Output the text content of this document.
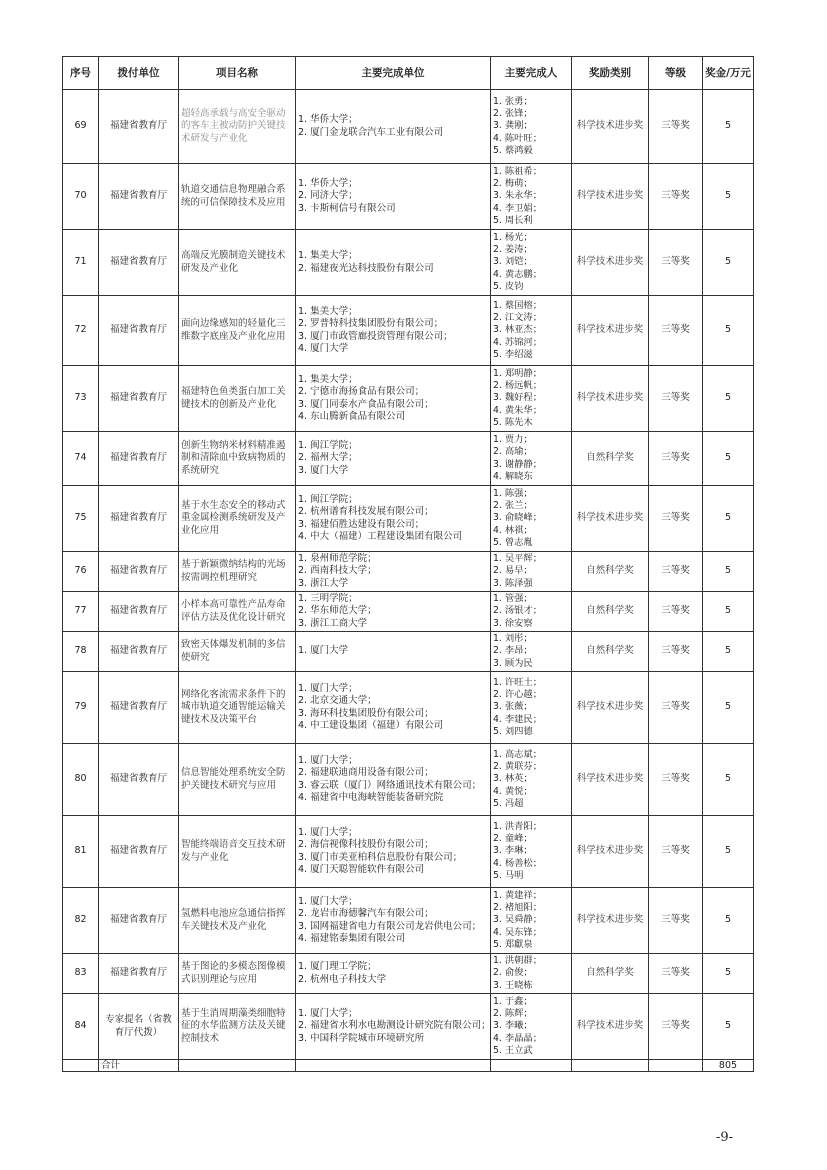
序号	拨付单位	项目名称	主要完成单位	主要完成人	奖励类别	等级	奖金/万元
69	福建省教育厅	超轻高承载与高安全驱动的客车主被动防护关键技术研发与产业化	1. 华侨大学；
2. 厦门金龙联合汽车工业有限公司	1. 张勇；
2. 张锋；
3. 龚刚；
4. 陈叶旺；
5. 蔡鸿毅	科学技术进步奖	三等奖	5
70	福建省教育厅	轨道交通信息物理融合系统的可信保障技术及应用	1. 华侨大学；
2. 同济大学；
3. 卡斯柯信号有限公司	1. 陈祖希；
2. 梅萌；
3. 朱永华；
4. 李卫娟；
5. 周长利	科学技术进步奖	三等奖	5
71	福建省教育厅	高端反光膜制造关键技术研发及产业化	1. 集美大学；
2. 福建夜光达科技股份有限公司	1. 杨光；
2. 姜涛；
3. 刘铠；
4. 黄志鹏；
5. 皮钧	科学技术进步奖	三等奖	5
72	福建省教育厅	面向边缘感知的轻量化三维数字底座及产业化应用	1. 集美大学；
2. 罗普特科技集团股份有限公司；
3. 厦门市政管廊投资管理有限公司；
4. 厦门大学	1. 蔡国榕；
2. 江文涛；
3. 林亚杰；
4. 苏锦河；
5. 李绍滋	科学技术进步奖	三等奖	5
73	福建省教育厅	福建特色鱼类蛋白加工关键技术的创新及产业化	1. 集美大学；
2. 宁德市海扬食品有限公司；
3. 厦门同泰水产食品有限公司；
4. 东山腾新食品有限公司	1. 郑明静；
2. 杨远帆；
3. 魏好程；
4. 黄朱华；
5. 陈先木	科学技术进步奖	三等奖	5
74	福建省教育厅	创新生物纳米材料精准遏制和清除血中致病物质的系统研究	1. 闽江学院；
2. 福州大学；
3. 厦门大学	1. 贾力；
2. 高瑜；
3. 谢静静；
4. 解晓东	自然科学奖	三等奖	5
75	福建省教育厅	基于水生态安全的移动式重金属检测系统研发及产业化应用	1. 闽江学院；
2. 杭州谱育科技发展有限公司；
3. 福建佰胜达建设有限公司；
4. 中大（福建）工程建设集团有限公司	1. 陈强；
2. 张兰；
3. 俞晓峰；
4. 林祺；
5. 曾志胤	科学技术进步奖	三等奖	5
76	福建省教育厅	基于新颖微纳结构的光场按需调控机理研究	1. 泉州师范学院；
2. 西南科技大学；
3. 浙江大学	1. 吴平辉；
2. 易早；
3. 陈泽强	自然科学奖	三等奖	5
77	福建省教育厅	小样本高可靠性产品寿命评估方法及优化设计研究	1. 三明学院；
2. 华东师范大学；
3. 浙江工商大学	1. 管强；
2. 汤银才；
3. 徐安察	自然科学奖	三等奖	5
78	福建省教育厅	致密天体爆发机制的多信使研究	1. 厦门大学	1. 刘彤；
2. 李昂；
3. 顾为民	自然科学奖	三等奖	5
79	福建省教育厅	网络化客流需求条件下的城市轨道交通智能运输关键技术及决策平台	1. 厦门大学；
2. 北京交通大学；
3. 海环科技集团股份有限公司；
4. 中工建设集团（福建）有限公司	1. 许旺土；
2. 许心越；
3. 张薇；
4. 李建民；
5. 刘四德	科学技术进步奖	三等奖	5
80	福建省教育厅	信息智能处理系统安全防护关键技术研究与应用	1. 厦门大学；
2. 福建联迪商用设备有限公司；
3. 睿云联（厦门）网络通讯技术有限公司；
4. 福建省中电海峡智能装备研究院	1. 高志斌；
2. 黄联芬；
3. 林英；
4. 黄悦；
5. 冯超	科学技术进步奖	三等奖	5
81	福建省教育厅	智能终端语音交互技术研发与产业化	1. 厦门大学；
2. 海信视像科技股份有限公司；
3. 厦门市美亚柏科信息股份有限公司；
4. 厦门天聪智能软件有限公司	1. 洪青阳；
2. 童峰；
3. 李琳；
4. 杨善松；
5. 马明	科学技术进步奖	三等奖	5
82	福建省教育厅	氢燃料电池应急通信指挥车关键技术及产业化	1. 厦门大学；
2. 龙岩市海德馨汽车有限公司；
3. 国网福建省电力有限公司龙岩供电公司；
4. 福建铭泰集团有限公司	1. 黄建祥；
2. 褚旭阳；
3. 吴舜静；
4. 吴东锋；
5. 郑獻泉	科学技术进步奖	三等奖	5
83	福建省教育厅	基于图论的多模态图像模式识别理论与应用	1. 厦门理工学院；
2. 杭州电子科技大学	1. 洪朝群；
2. 俞俊；
3. 王晓栋	自然科学奖	三等奖	5
84	专家提名（省教育厅代拨）	基于生消周期藻类细胞特征的水华监测方法及关键控制技术	1. 厦门大学；
2. 福建省水利水电勘测设计研究院有限公司；
3. 中国科学院城市环境研究所	1. 于鑫；
2. 陈辉；
3. 李曦；
4. 李晶晶；
5. 王立武	科学技术进步奖	三等奖	5
	合计						805
-9-
